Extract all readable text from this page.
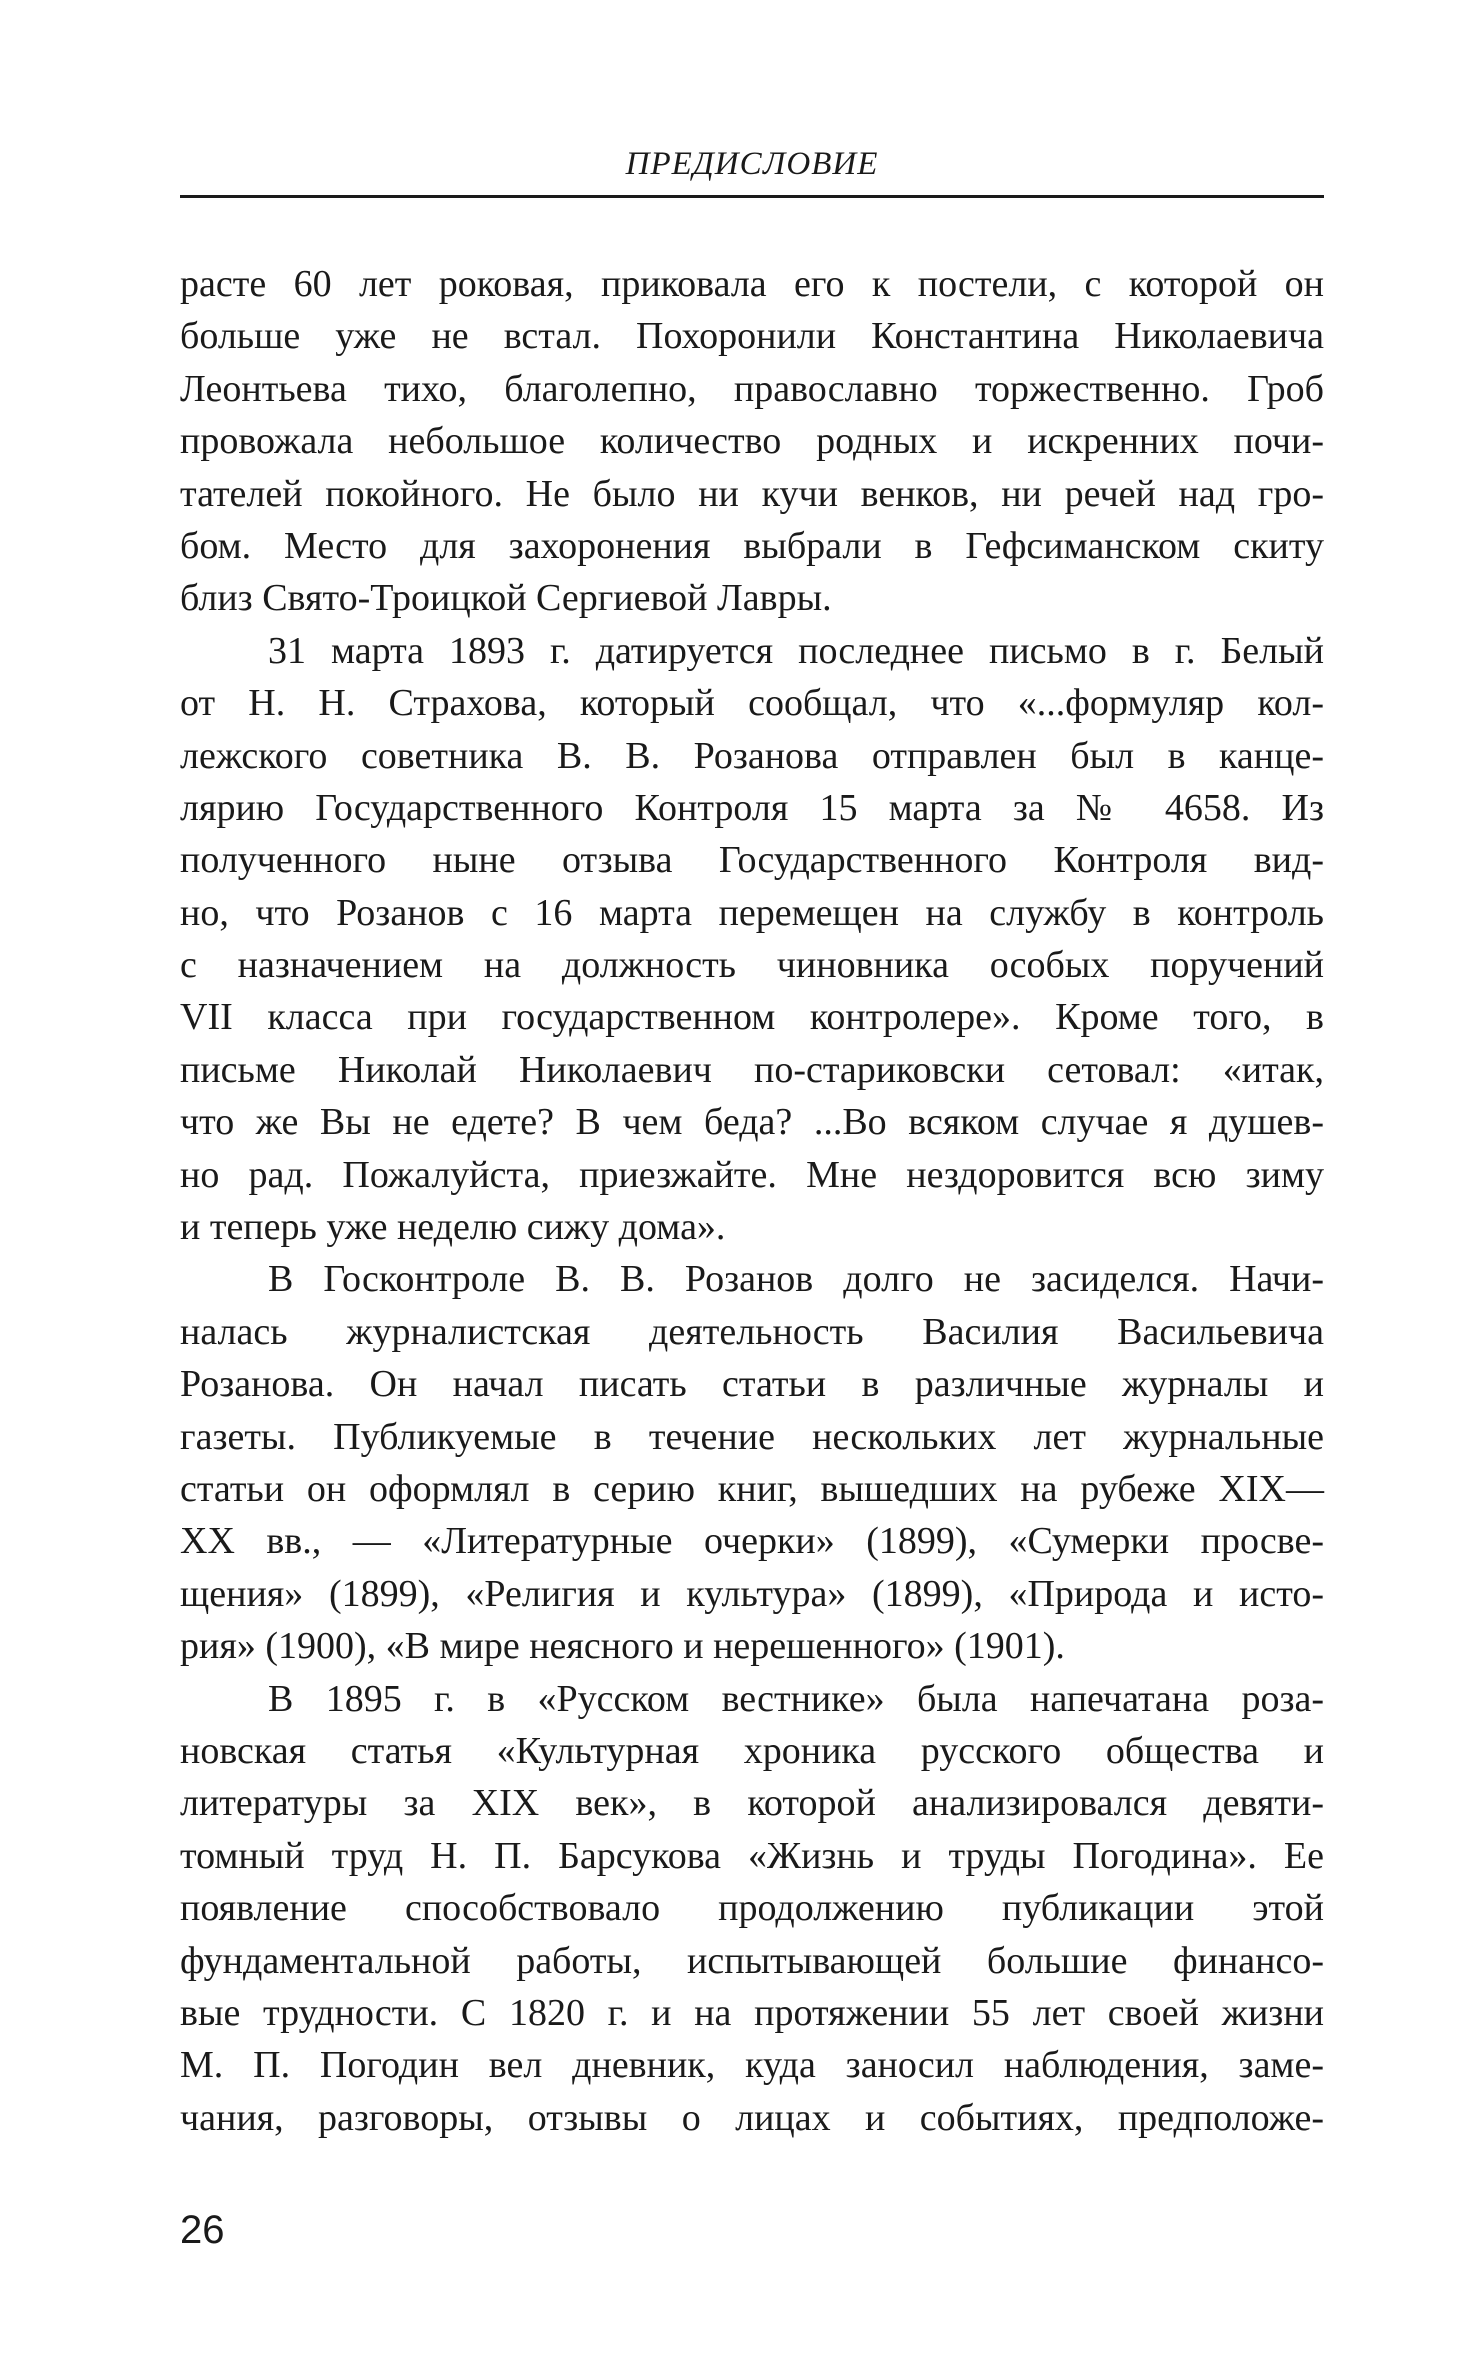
ПРЕДИСЛОВИЕ
расте 60 лет роковая, приковала его к постели, с которой он
больше уже не встал. Похоронили Константина Николаевича
Леонтьева тихо, благолепно, православно торжественно. Гроб
провожала небольшое количество родных и искренних почи-
тателей покойного. Не было ни кучи венков, ни речей над гро-
бом. Место для захоронения выбрали в Гефсиманском скиту
близ Свято-Троицкой Сергиевой Лавры.
31 марта 1893 г. датируется последнее письмо в г. Белый
от Н. Н. Страхова, который сообщал, что «...формуляр кол-
лежского советника В. В. Розанова отправлен был в канце-
лярию Государственного Контроля 15 марта за № 4658. Из
полученного ныне отзыва Государственного Контроля вид-
но, что Розанов с 16 марта перемещен на службу в контроль
с назначением на должность чиновника особых поручений
VII класса при государственном контролере». Кроме того, в
письме Николай Николаевич по-стариковски сетовал: «итак,
что же Вы не едете? В чем беда? ...Во всяком случае я душев-
но рад. Пожалуйста, приезжайте. Мне нездоровится всю зиму
и теперь уже неделю сижу дома».
В Госконтроле В. В. Розанов долго не засиделся. Начи-
налась журналистская деятельность Василия Васильевича
Розанова. Он начал писать статьи в различные журналы и
газеты. Публикуемые в течение нескольких лет журнальные
статьи он оформлял в серию книг, вышедших на рубеже XIX—
XX вв., — «Литературные очерки» (1899), «Сумерки просве-
щения» (1899), «Религия и культура» (1899), «Природа и исто-
рия» (1900), «В мире неясного и нерешенного» (1901).
В 1895 г. в «Русском вестнике» была напечатана роза-
новская статья «Культурная хроника русского общества и
литературы за XIX век», в которой анализировался девяти-
томный труд Н. П. Барсукова «Жизнь и труды Погодина». Ее
появление способствовало продолжению публикации этой
фундаментальной работы, испытывающей большие финансо-
вые трудности. С 1820 г. и на протяжении 55 лет своей жизни
М. П. Погодин вел дневник, куда заносил наблюдения, заме-
чания, разговоры, отзывы о лицах и событиях, предположе-
26
